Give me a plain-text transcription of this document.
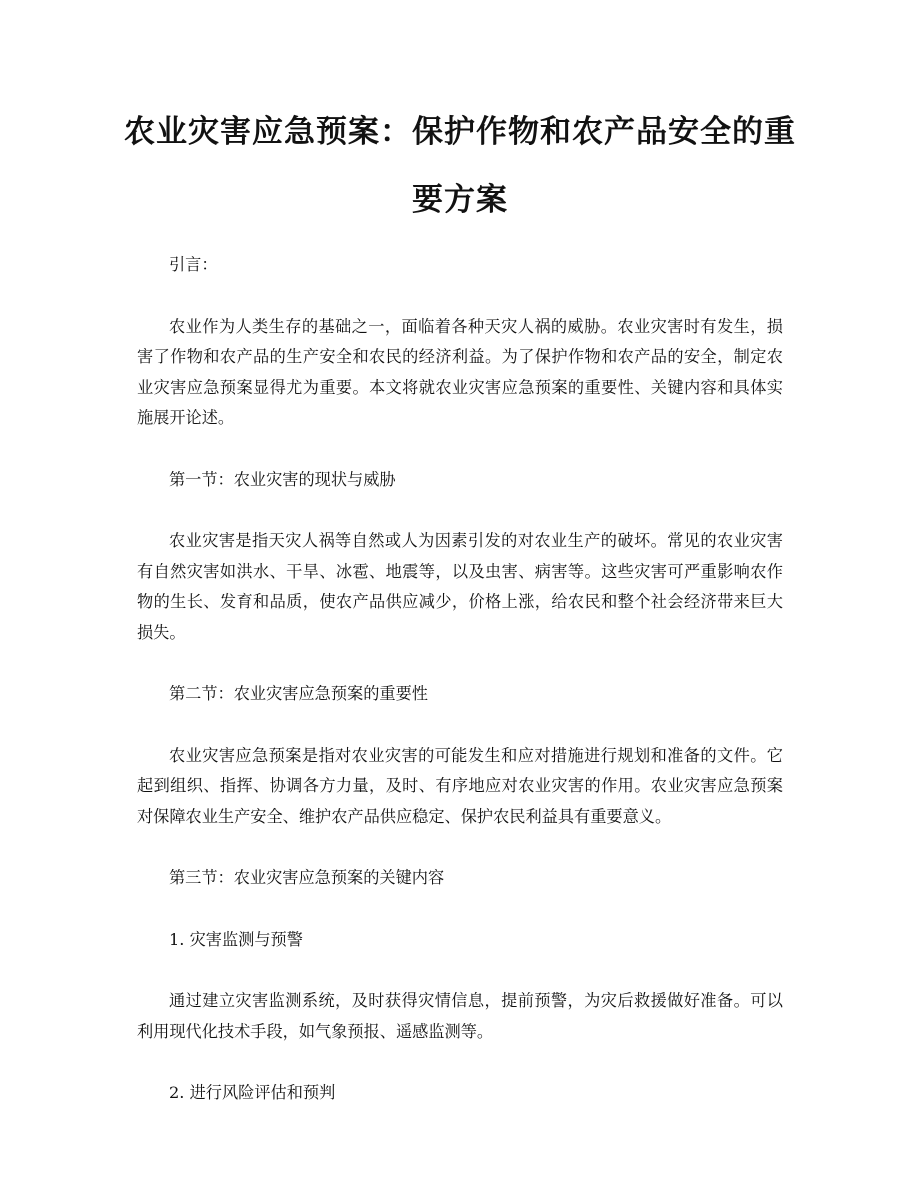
农业灾害应急预案：保护作物和农产品安全的重要方案

引言：

农业作为人类生存的基础之一，面临着各种天灾人祸的威胁。农业灾害时有发生，损害了作物和农产品的生产安全和农民的经济利益。为了保护作物和农产品的安全，制定农业灾害应急预案显得尤为重要。本文将就农业灾害应急预案的重要性、关键内容和具体实施展开论述。

第一节：农业灾害的现状与威胁

农业灾害是指天灾人祸等自然或人为因素引发的对农业生产的破坏。常见的农业灾害有自然灾害如洪水、干旱、冰雹、地震等，以及虫害、病害等。这些灾害可严重影响农作物的生长、发育和品质，使农产品供应减少，价格上涨，给农民和整个社会经济带来巨大损失。

第二节：农业灾害应急预案的重要性

农业灾害应急预案是指对农业灾害的可能发生和应对措施进行规划和准备的文件。它起到组织、指挥、协调各方力量，及时、有序地应对农业灾害的作用。农业灾害应急预案对保障农业生产安全、维护农产品供应稳定、保护农民利益具有重要意义。

第三节：农业灾害应急预案的关键内容

1. 灾害监测与预警

通过建立灾害监测系统，及时获得灾情信息，提前预警，为灾后救援做好准备。可以利用现代化技术手段，如气象预报、遥感监测等。

2. 进行风险评估和预判
